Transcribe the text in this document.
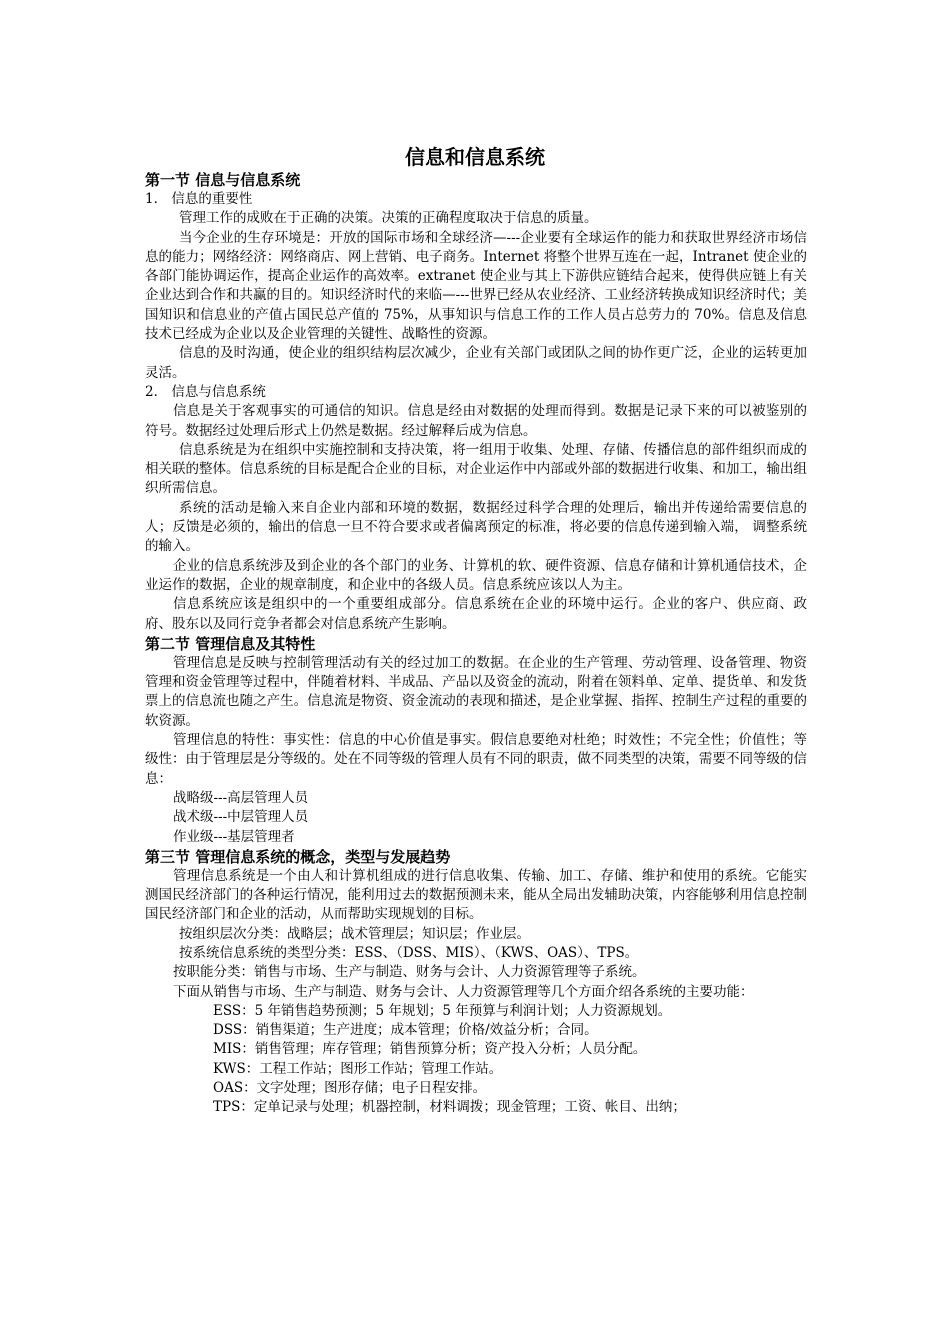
信息和信息系统

第一节 信息与信息系统

1． 信息的重要性

管理工作的成败在于正确的决策。决策的正确程度取决于信息的质量。

当今企业的生存环境是：开放的国际市场和全球经济—---企业要有全球运作的能力和获取世界经济市场信息的能力；网络经济：网络商店、网上营销、电子商务。Internet 将整个世界互连在一起，Intranet 使企业的各部门能协调运作，提高企业运作的高效率。extranet 使企业与其上下游供应链结合起来，使得供应链上有关企业达到合作和共赢的目的。知识经济时代的来临—---世界已经从农业经济、工业经济转换成知识经济时代；美国知识和信息业的产值占国民总产值的 75%，从事知识与信息工作的工作人员占总劳力的 70%。信息及信息技术已经成为企业以及企业管理的关键性、战略性的资源。

信息的及时沟通，使企业的组织结构层次减少，企业有关部门或团队之间的协作更广泛，企业的运转更加灵活。

2． 信息与信息系统

信息是关于客观事实的可通信的知识。信息是经由对数据的处理而得到。数据是记录下来的可以被鉴别的符号。数据经过处理后形式上仍然是数据。经过解释后成为信息。

信息系统是为在组织中实施控制和支持决策，将一组用于收集、处理、存储、传播信息的部件组织而成的相关联的整体。信息系统的目标是配合企业的目标，对企业运作中内部或外部的数据进行收集、和加工，输出组织所需信息。

系统的活动是输入来自企业内部和环境的数据，数据经过科学合理的处理后，输出并传递给需要信息的人；反馈是必须的，输出的信息一旦不符合要求或者偏离预定的标准，将必要的信息传递到输入端， 调整系统的输入。

企业的信息系统涉及到企业的各个部门的业务、计算机的软、硬件资源、信息存储和计算机通信技术，企业运作的数据，企业的规章制度，和企业中的各级人员。信息系统应该以人为主。

信息系统应该是组织中的一个重要组成部分。信息系统在企业的环境中运行。企业的客户、供应商、政府、股东以及同行竞争者都会对信息系统产生影响。

第二节 管理信息及其特性

管理信息是反映与控制管理活动有关的经过加工的数据。在企业的生产管理、劳动管理、设备管理、物资管理和资金管理等过程中，伴随着材料、半成品、产品以及资金的流动，附着在领料单、定单、提货单、和发货票上的信息流也随之产生。信息流是物资、资金流动的表现和描述，是企业掌握、指挥、控制生产过程的重要的软资源。

管理信息的特性：事实性：信息的中心价值是事实。假信息要绝对杜绝；时效性；不完全性；价值性；等级性：由于管理层是分等级的。处在不同等级的管理人员有不同的职责，做不同类型的决策，需要不同等级的信息：

战略级---高层管理人员

战术级---中层管理人员

作业级---基层管理者

第三节 管理信息系统的概念，类型与发展趋势

管理信息系统是一个由人和计算机组成的进行信息收集、传输、加工、存储、维护和使用的系统。它能实测国民经济部门的各种运行情况，能利用过去的数据预测未来，能从全局出发辅助决策，内容能够利用信息控制国民经济部门和企业的活动，从而帮助实现规划的目标。

按组织层次分类：战略层；战术管理层；知识层；作业层。

按系统信息系统的类型分类：ESS、（DSS、MIS）、（KWS、OAS）、TPS。

按职能分类：销售与市场、生产与制造、财务与会计、人力资源管理等子系统。

下面从销售与市场、生产与制造、财务与会计、人力资源管理等几个方面介绍各系统的主要功能：

ESS：5 年销售趋势预测；5 年规划；5 年预算与利润计划；人力资源规划。

DSS：销售渠道；生产进度；成本管理；价格/效益分析；合同。

MIS：销售管理；库存管理；销售预算分析；资产投入分析；人员分配。

KWS：工程工作站；图形工作站；管理工作站。

OAS：文字处理；图形存储；电子日程安排。

TPS：定单记录与处理；机器控制，材料调拨；现金管理；工资、帐目、出纳；
